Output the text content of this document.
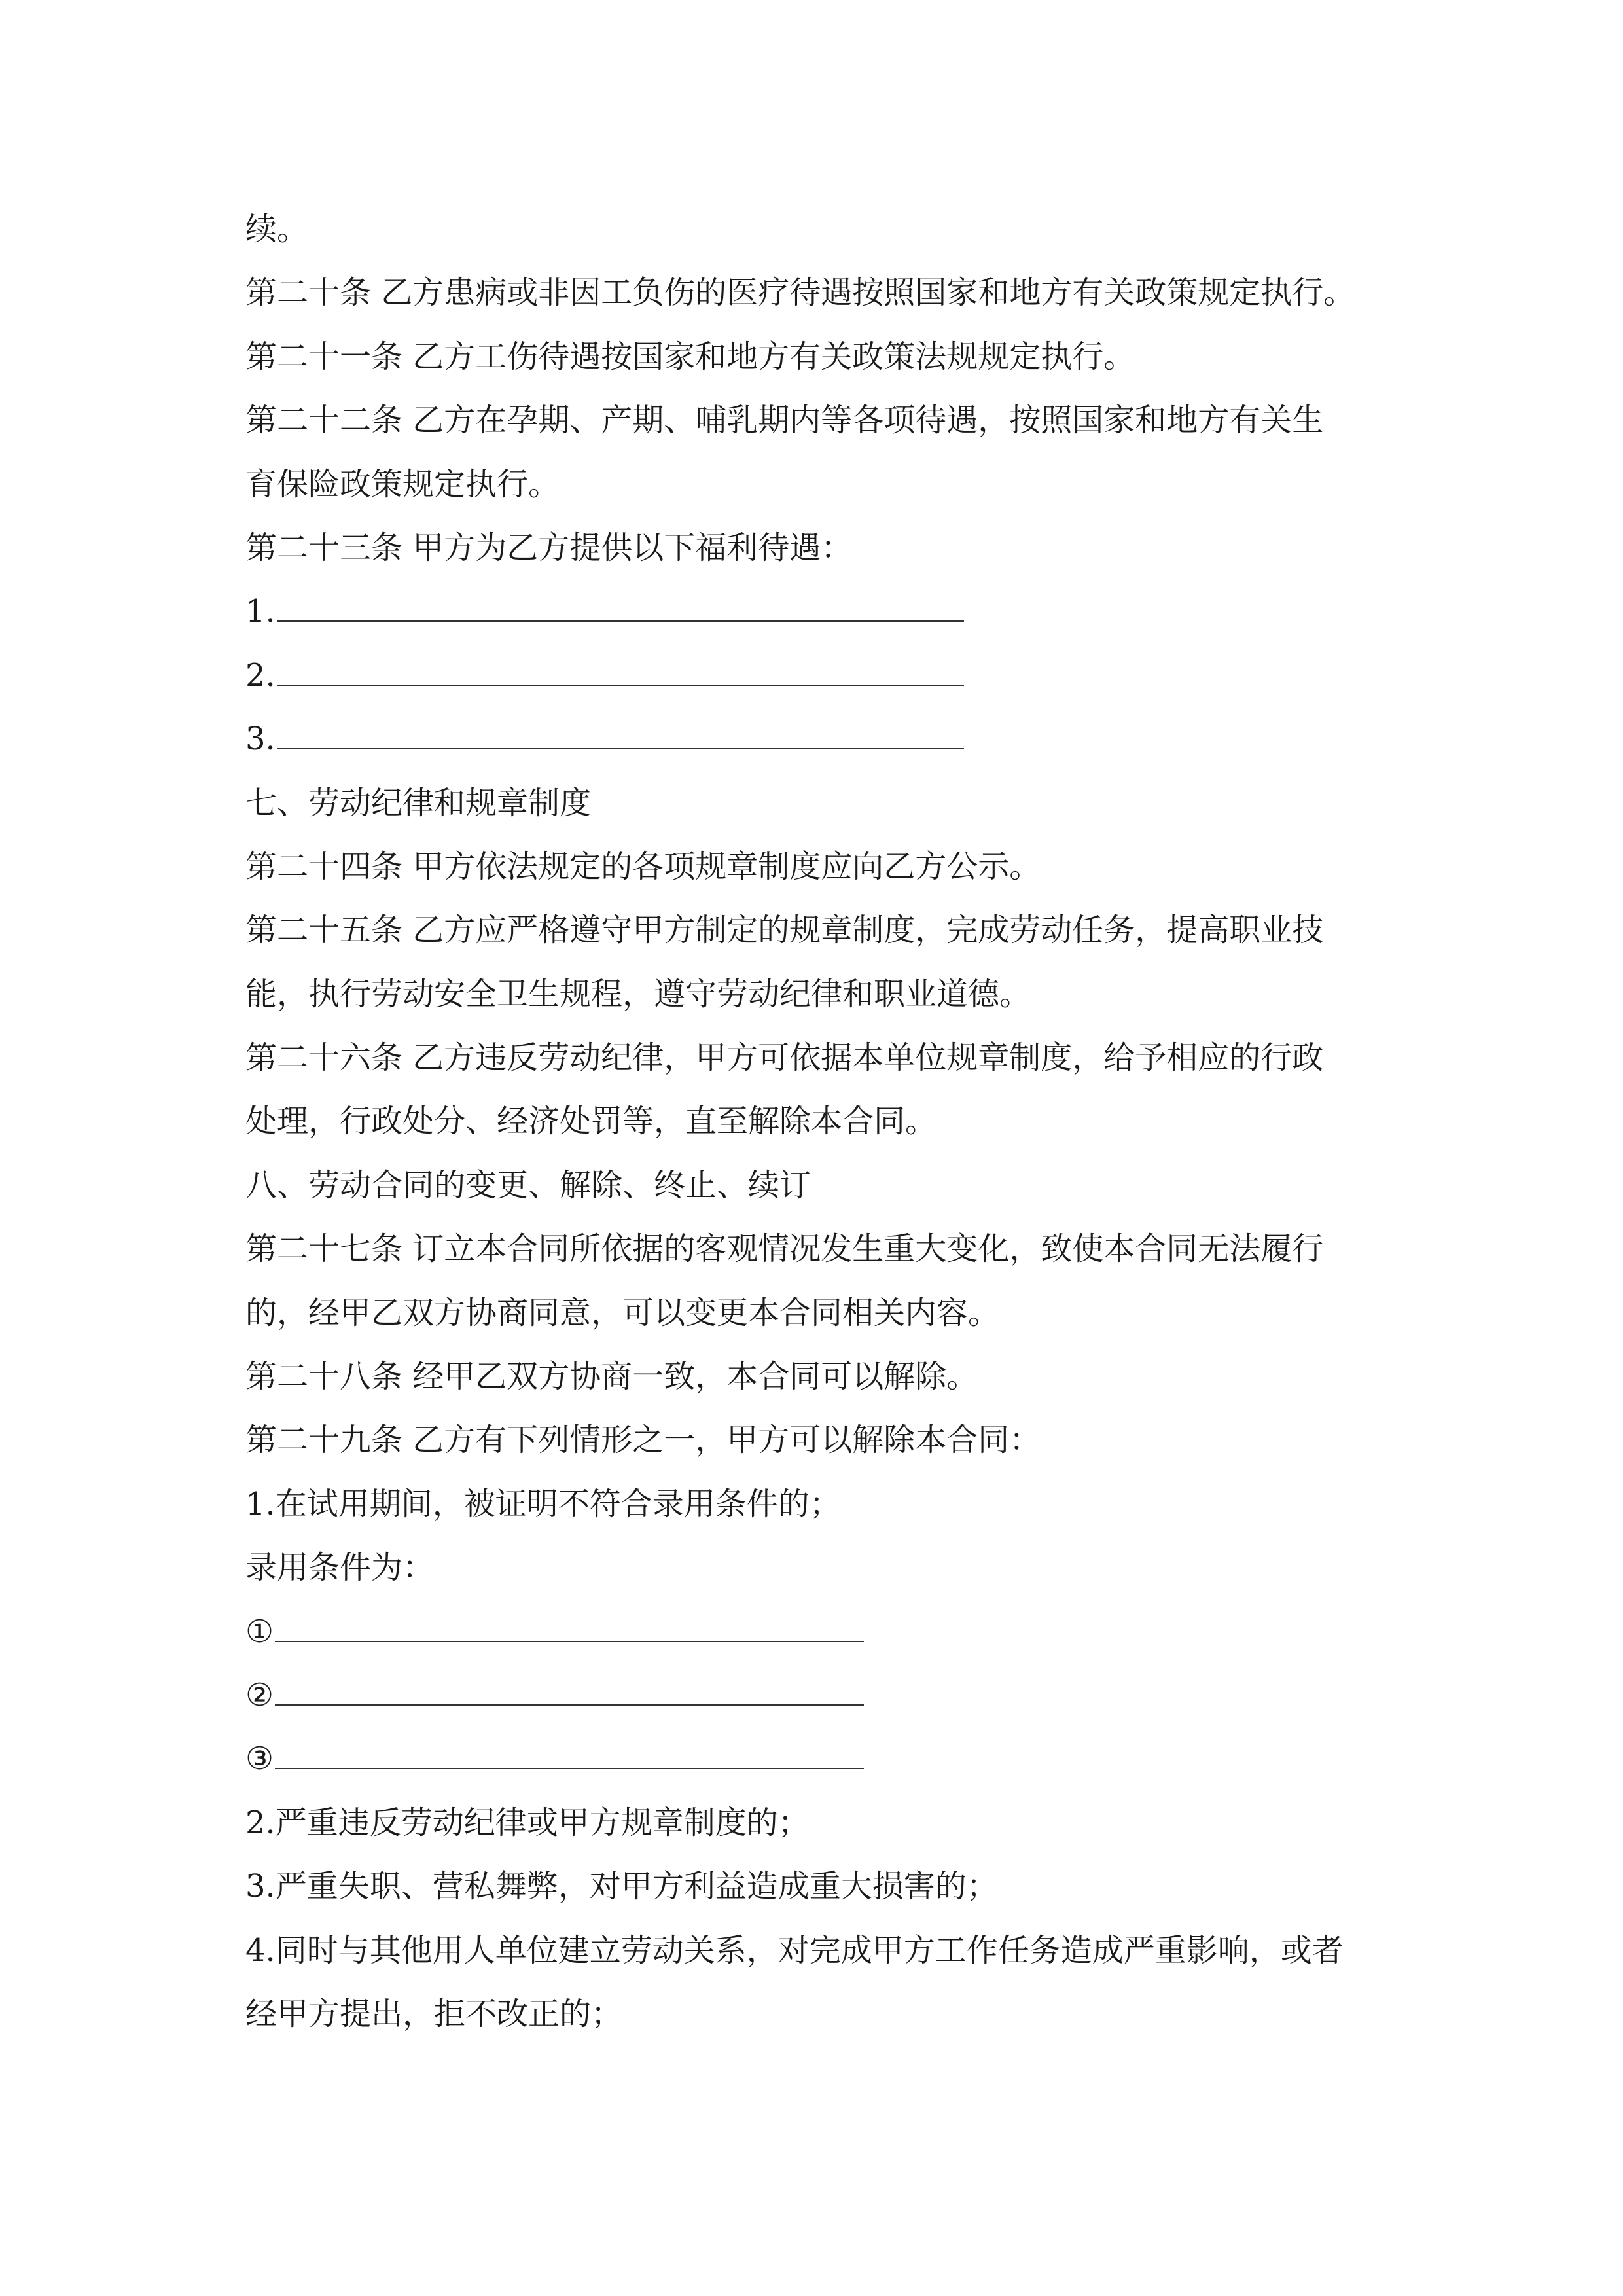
续。
第二十条 乙方患病或非因工负伤的医疗待遇按照国家和地方有关政策规定执行。
第二十一条 乙方工伤待遇按国家和地方有关政策法规规定执行。
第二十二条 乙方在孕期、产期、哺乳期内等各项待遇，按照国家和地方有关生
育保险政策规定执行。
第二十三条 甲方为乙方提供以下福利待遇：
1.
2.
3.
七、劳动纪律和规章制度
第二十四条 甲方依法规定的各项规章制度应向乙方公示。
第二十五条 乙方应严格遵守甲方制定的规章制度，完成劳动任务，提高职业技
能，执行劳动安全卫生规程，遵守劳动纪律和职业道德。
第二十六条 乙方违反劳动纪律，甲方可依据本单位规章制度，给予相应的行政
处理，行政处分、经济处罚等，直至解除本合同。
八、劳动合同的变更、解除、终止、续订
第二十七条 订立本合同所依据的客观情况发生重大变化，致使本合同无法履行
的，经甲乙双方协商同意，可以变更本合同相关内容。
第二十八条 经甲乙双方协商一致，本合同可以解除。
第二十九条 乙方有下列情形之一，甲方可以解除本合同：
1.在试用期间，被证明不符合录用条件的；
录用条件为：
①
②
③
2.严重违反劳动纪律或甲方规章制度的；
3.严重失职、营私舞弊，对甲方利益造成重大损害的；
4.同时与其他用人单位建立劳动关系，对完成甲方工作任务造成严重影响，或者
经甲方提出，拒不改正的；
